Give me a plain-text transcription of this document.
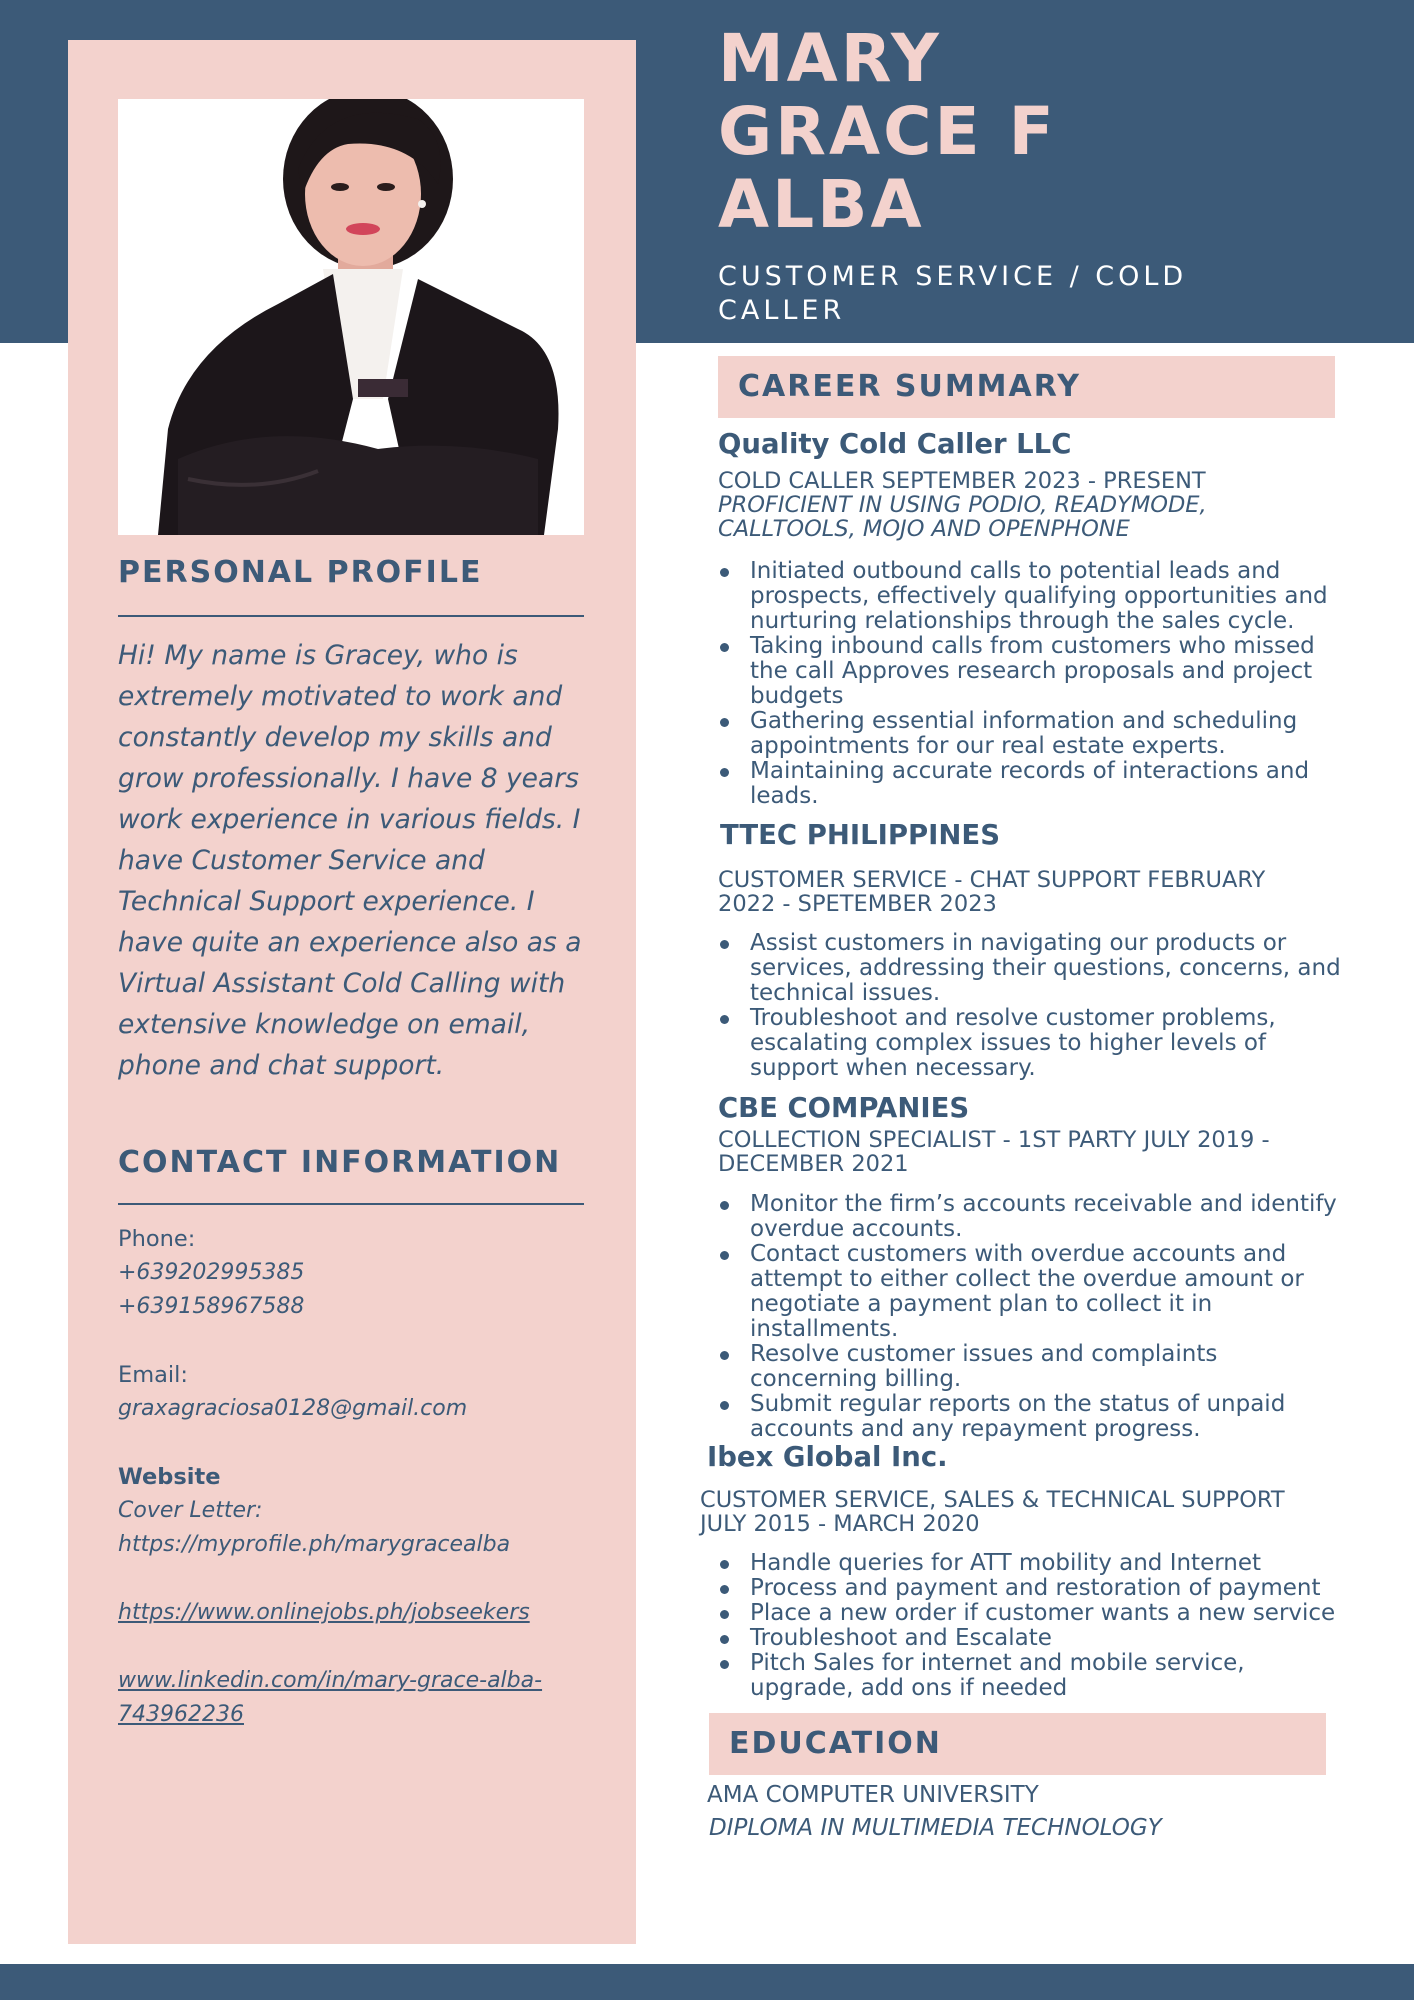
PERSONAL PROFILE

Hi! My name is Gracey, who is extremely motivated to work and constantly develop my skills and grow professionally. I have 8 years work experience in various fields. I have Customer Service and Technical Support experience. I have quite an experience also as a Virtual Assistant Cold Calling with extensive knowledge on email, phone and chat support.

CONTACT INFORMATION

Phone:

+639202995385

+639158967588

Email:

graxagraciosa0128@gmail.com

Website

Cover Letter:

https://myprofile.ph/marygracealba

https://www.onlinejobs.ph/jobseekers

www.linkedin.com/in/mary-grace-alba-

743962236

MARY
GRACE F
ALBA

CUSTOMER SERVICE / COLD CALLER

CAREER SUMMARY
Quality Cold Caller LLC

COLD CALLER SEPTEMBER 2023 - PRESENT
PROFICIENT IN USING PODIO, READYMODE, CALLTOOLS, MOJO AND OPENPHONE

Initiated outbound calls to potential leads and prospects, effectively qualifying opportunities and nurturing relationships through the sales cycle.
Taking inbound calls from customers who missed the call Approves research proposals and project budgets
Gathering essential information and scheduling appointments for our real estate experts.
Maintaining accurate records of interactions and leads.
TTEC PHILIPPINES

CUSTOMER SERVICE - CHAT SUPPORT FEBRUARY 2022 - SPETEMBER 2023

Assist customers in navigating our products or services, addressing their questions, concerns, and technical issues.
Troubleshoot and resolve customer problems, escalating complex issues to higher levels of support when necessary.
CBE COMPANIES

COLLECTION SPECIALIST - 1ST PARTY JULY 2019 - DECEMBER 2021

Monitor the firm’s accounts receivable and identify overdue accounts.
Contact customers with overdue accounts and attempt to either collect the overdue amount or negotiate a payment plan to collect it in installments.
Resolve customer issues and complaints concerning billing.
Submit regular reports on the status of unpaid accounts and any repayment progress.
Ibex Global Inc.

CUSTOMER SERVICE, SALES & TECHNICAL SUPPORT JULY 2015 - MARCH 2020

Handle queries for ATT mobility and Internet
Process and payment and restoration of payment
Place a new order if customer wants a new service
Troubleshoot and Escalate
Pitch Sales for internet and mobile service, upgrade, add ons if needed
EDUCATION

AMA COMPUTER UNIVERSITY

DIPLOMA IN MULTIMEDIA TECHNOLOGY
